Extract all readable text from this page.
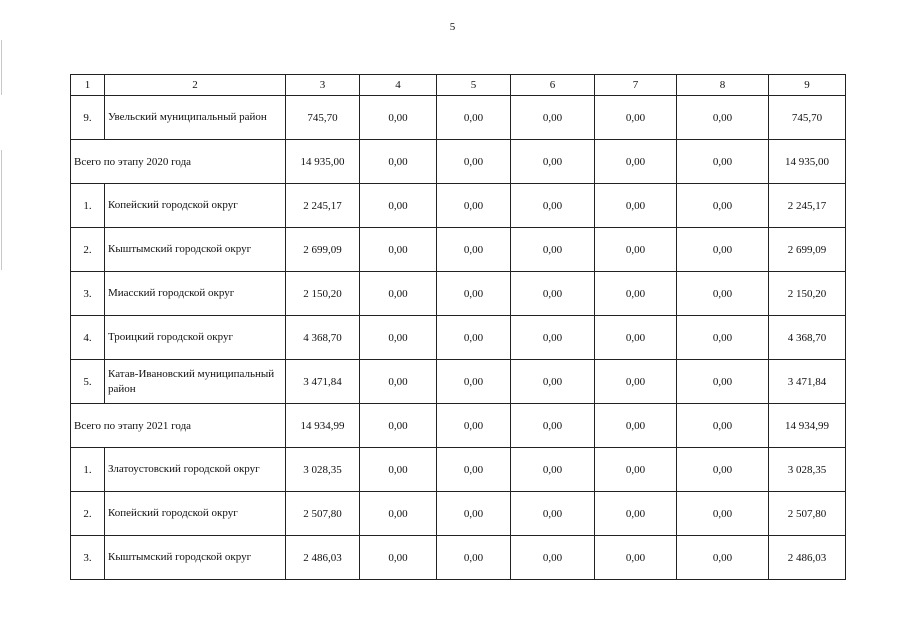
5
1	2	3	4	5	6	7	8	9
9.	Увельский муниципальный район	745,70	0,00	0,00	0,00	0,00	0,00	745,70
Всего по этапу 2020 года		14 935,00	0,00	0,00	0,00	0,00	0,00	14 935,00
1.	Копейский городской округ	2 245,17	0,00	0,00	0,00	0,00	0,00	2 245,17
2.	Кыштымский городской округ	2 699,09	0,00	0,00	0,00	0,00	0,00	2 699,09
3.	Миасский городской округ	2 150,20	0,00	0,00	0,00	0,00	0,00	2 150,20
4.	Троицкий городской округ	4 368,70	0,00	0,00	0,00	0,00	0,00	4 368,70
5.	Катав-Ивановский муниципальный район	3 471,84	0,00	0,00	0,00	0,00	0,00	3 471,84
Всего по этапу 2021 года		14 934,99	0,00	0,00	0,00	0,00	0,00	14 934,99
1.	Златоустовский городской округ	3 028,35	0,00	0,00	0,00	0,00	0,00	3 028,35
2.	Копейский городской округ	2 507,80	0,00	0,00	0,00	0,00	0,00	2 507,80
3.	Кыштымский городской округ	2 486,03	0,00	0,00	0,00	0,00	0,00	2 486,03
